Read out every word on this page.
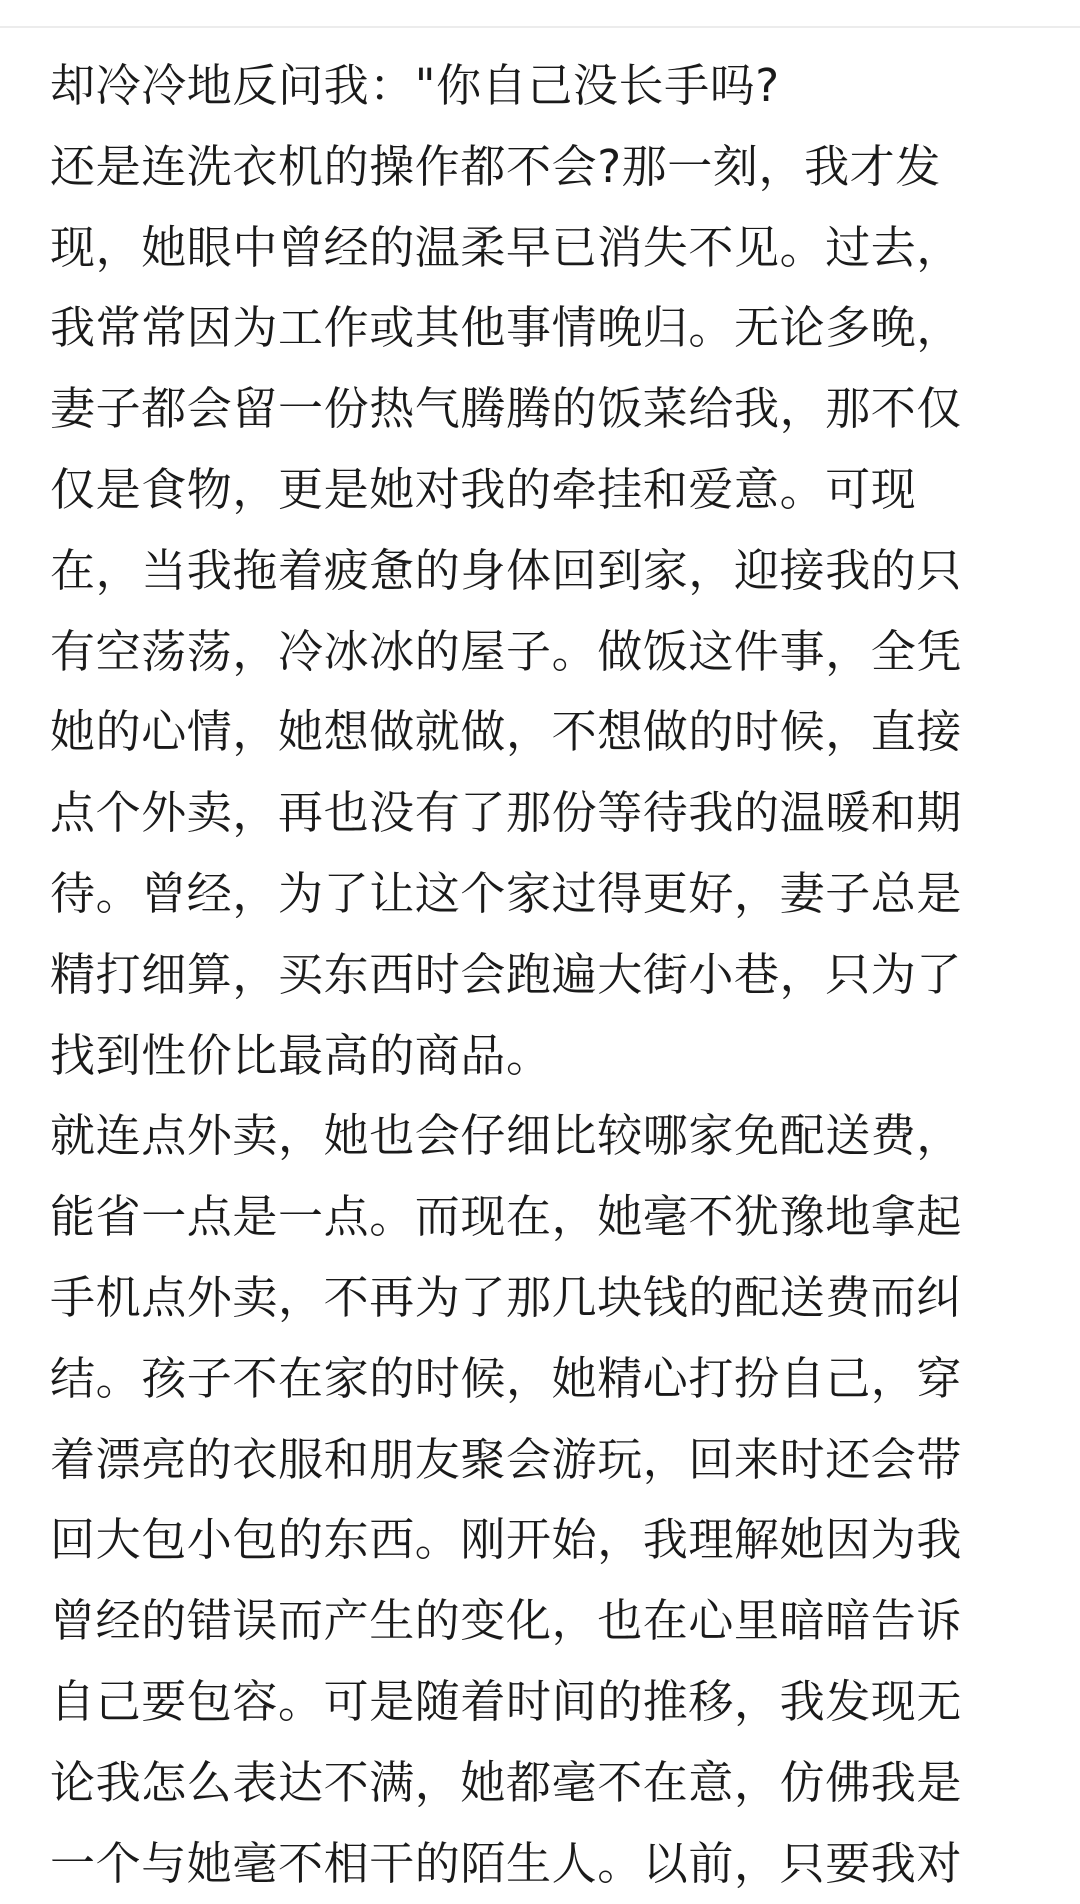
却冷冷地反问我："你自己没长手吗?
还是连洗衣机的操作都不会?那一刻，我才发
现，她眼中曾经的温柔早已消失不见。过去，
我常常因为工作或其他事情晚归。无论多晚，
妻子都会留一份热气腾腾的饭菜给我，那不仅
仅是食物，更是她对我的牵挂和爱意。可现
在，当我拖着疲惫的身体回到家，迎接我的只
有空荡荡，冷冰冰的屋子。做饭这件事，全凭
她的心情，她想做就做，不想做的时候，直接
点个外卖，再也没有了那份等待我的温暖和期
待。曾经，为了让这个家过得更好，妻子总是
精打细算，买东西时会跑遍大街小巷，只为了
找到性价比最高的商品。
就连点外卖，她也会仔细比较哪家免配送费，
能省一点是一点。而现在，她毫不犹豫地拿起
手机点外卖，不再为了那几块钱的配送费而纠
结。孩子不在家的时候，她精心打扮自己，穿
着漂亮的衣服和朋友聚会游玩，回来时还会带
回大包小包的东西。刚开始，我理解她因为我
曾经的错误而产生的变化，也在心里暗暗告诉
自己要包容。可是随着时间的推移，我发现无
论我怎么表达不满，她都毫不在意，仿佛我是
一个与她毫不相干的陌生人。以前，只要我对
